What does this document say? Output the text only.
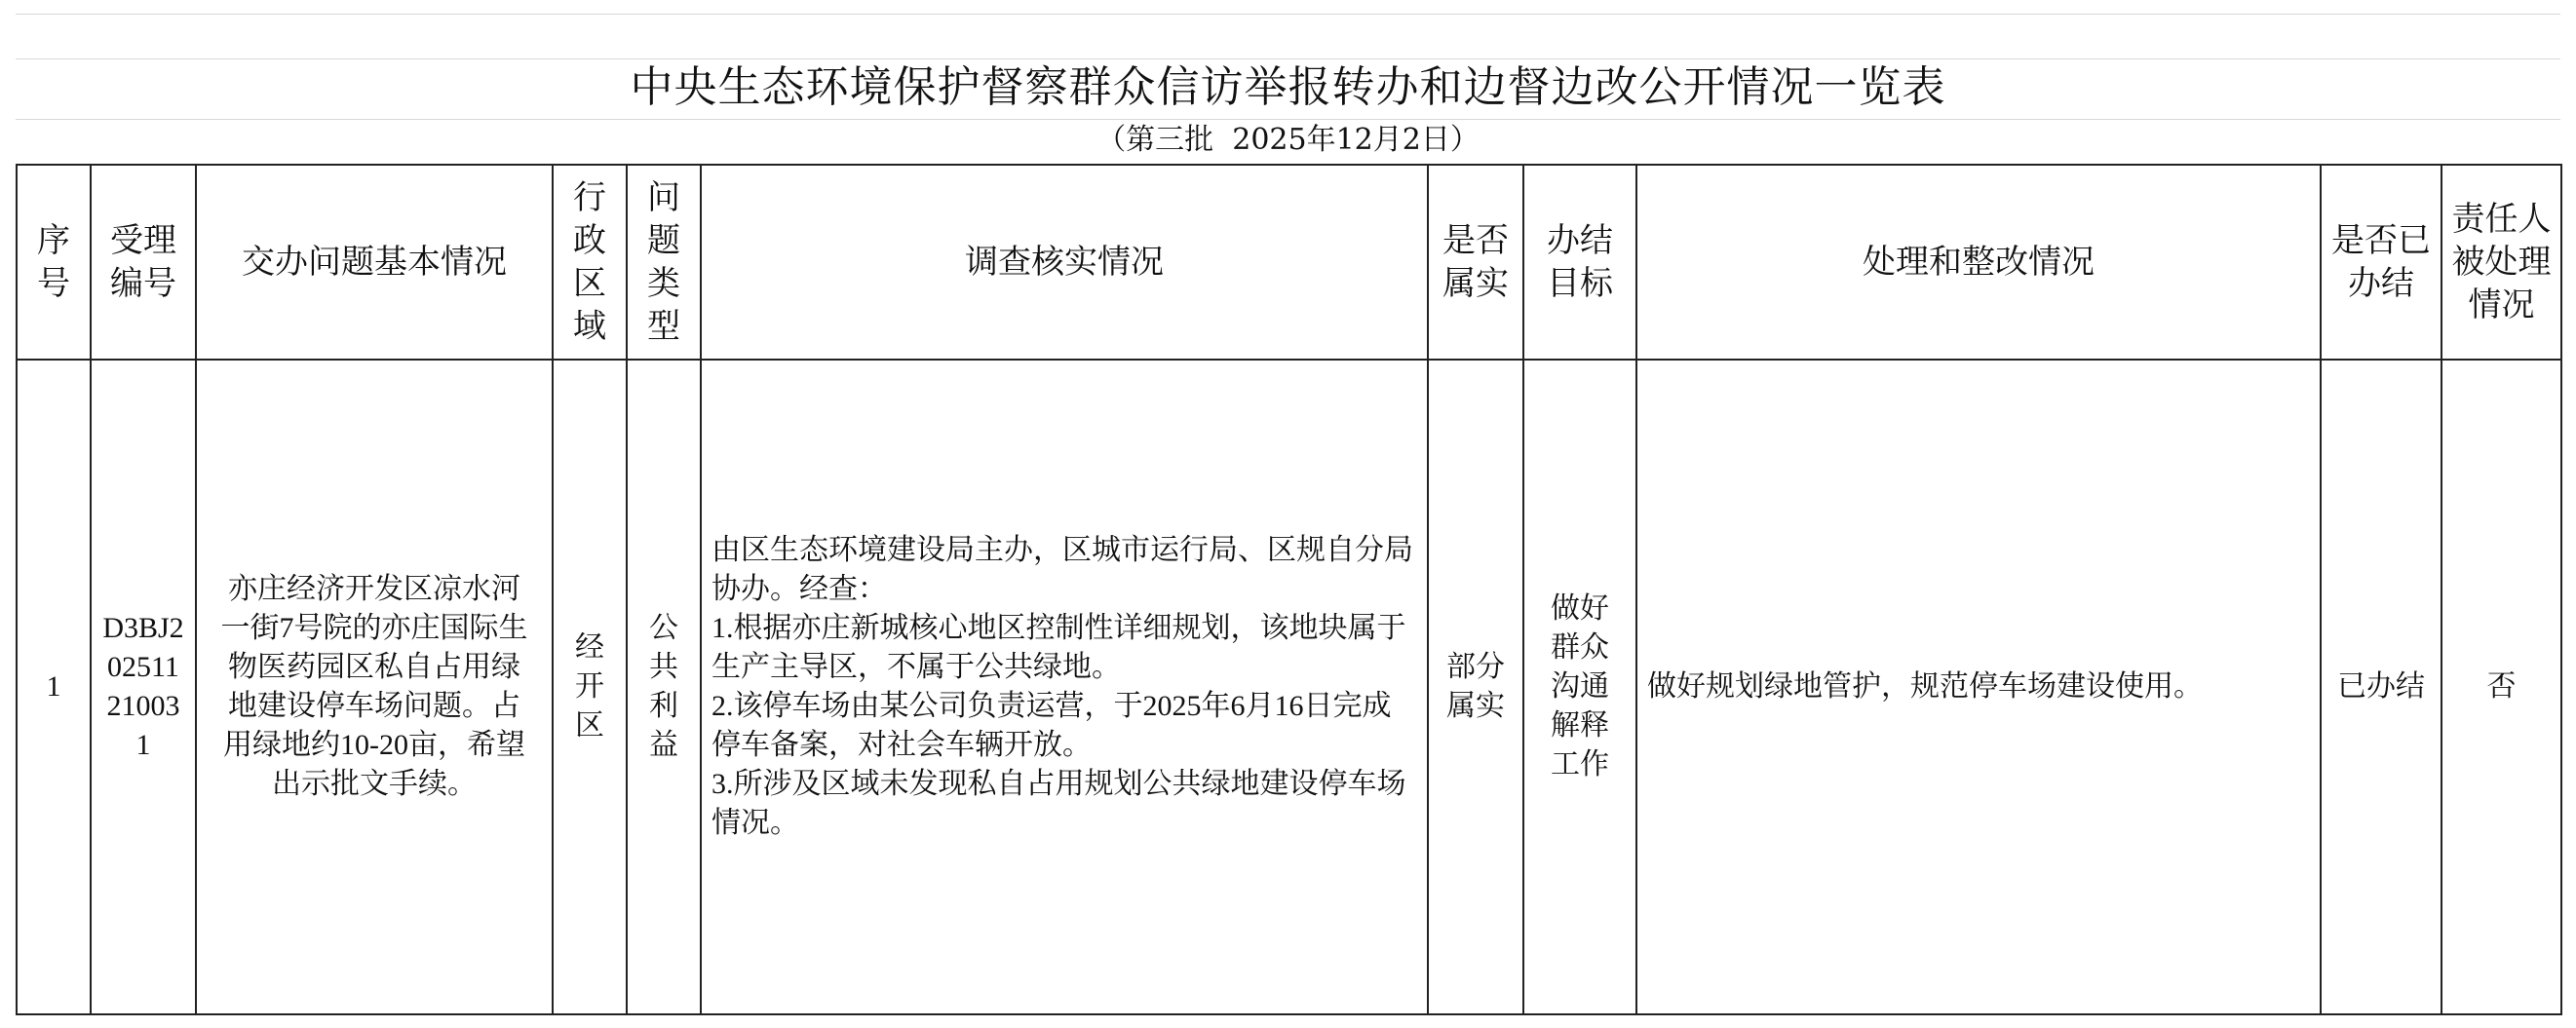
中央生态环境保护督察群众信访举报转办和边督边改公开情况一览表
（第三批  2025年12月2日）
序号	受理编号	交办问题基本情况	行政区域	问题类型	调查核实情况	是否属实	办结目标	处理和整改情况	是否已办结	责任人被处理情况
1	D3BJ202511210031	亦庄经济开发区凉水河一街7号院的亦庄国际生物医药园区私自占用绿地建设停车场问题。占用绿地约10-20亩，希望出示批文手续。	经开区	公共利益	由区生态环境建设局主办，区城市运行局、区规自分局协办。经查：
1.根据亦庄新城核心地区控制性详细规划，该地块属于生产主导区，不属于公共绿地。
2.该停车场由某公司负责运营，于2025年6月16日完成停车备案，对社会车辆开放。
3.所涉及区域未发现私自占用规划公共绿地建设停车场情况。	部分属实	做好群众沟通解释工作	做好规划绿地管护，规范停车场建设使用。	已办结	否
